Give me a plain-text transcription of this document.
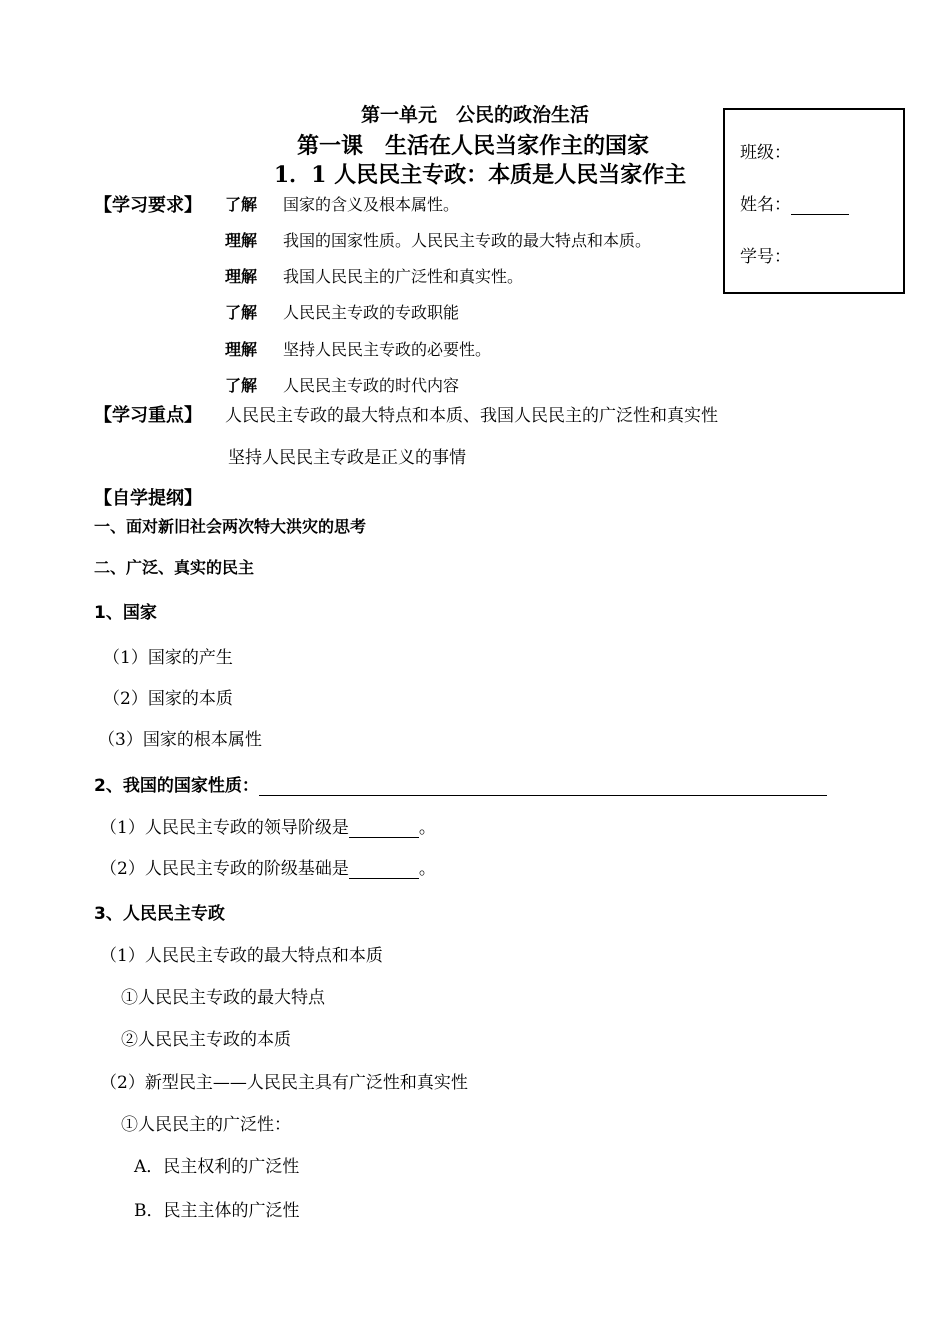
第一单元　公民的政治生活
第一课　生活在人民当家作主的国家
1．1 人民民主专政：本质是人民当家作主
班级：
姓名：
学号：
【学习要求】 了解 国家的含义及根本属性。
理解 我国的国家性质。人民民主专政的最大特点和本质。
理解 我国人民民主的广泛性和真实性。
了解 人民民主专政的专政职能
理解 坚持人民民主专政的必要性。
了解 人民民主专政的时代内容
【学习重点】 人民民主专政的最大特点和本质、我国人民民主的广泛性和真实性
坚持人民民主专政是正义的事情
【自学提纲】
一、面对新旧社会两次特大洪灾的思考
二、广泛、真实的民主
1、国家
（1）国家的产生
（2）国家的本质
（3）国家的根本属性
2、我国的国家性质：
（1）人民民主专政的领导阶级是	。
（2）人民民主专政的阶级基础是	。
3、人民民主专政
（1）人民民主专政的最大特点和本质
①人民民主专政的最大特点
②人民民主专政的本质
（2）新型民主——人民民主具有广泛性和真实性
①人民民主的广泛性：
A．民主权利的广泛性
B．民主主体的广泛性
